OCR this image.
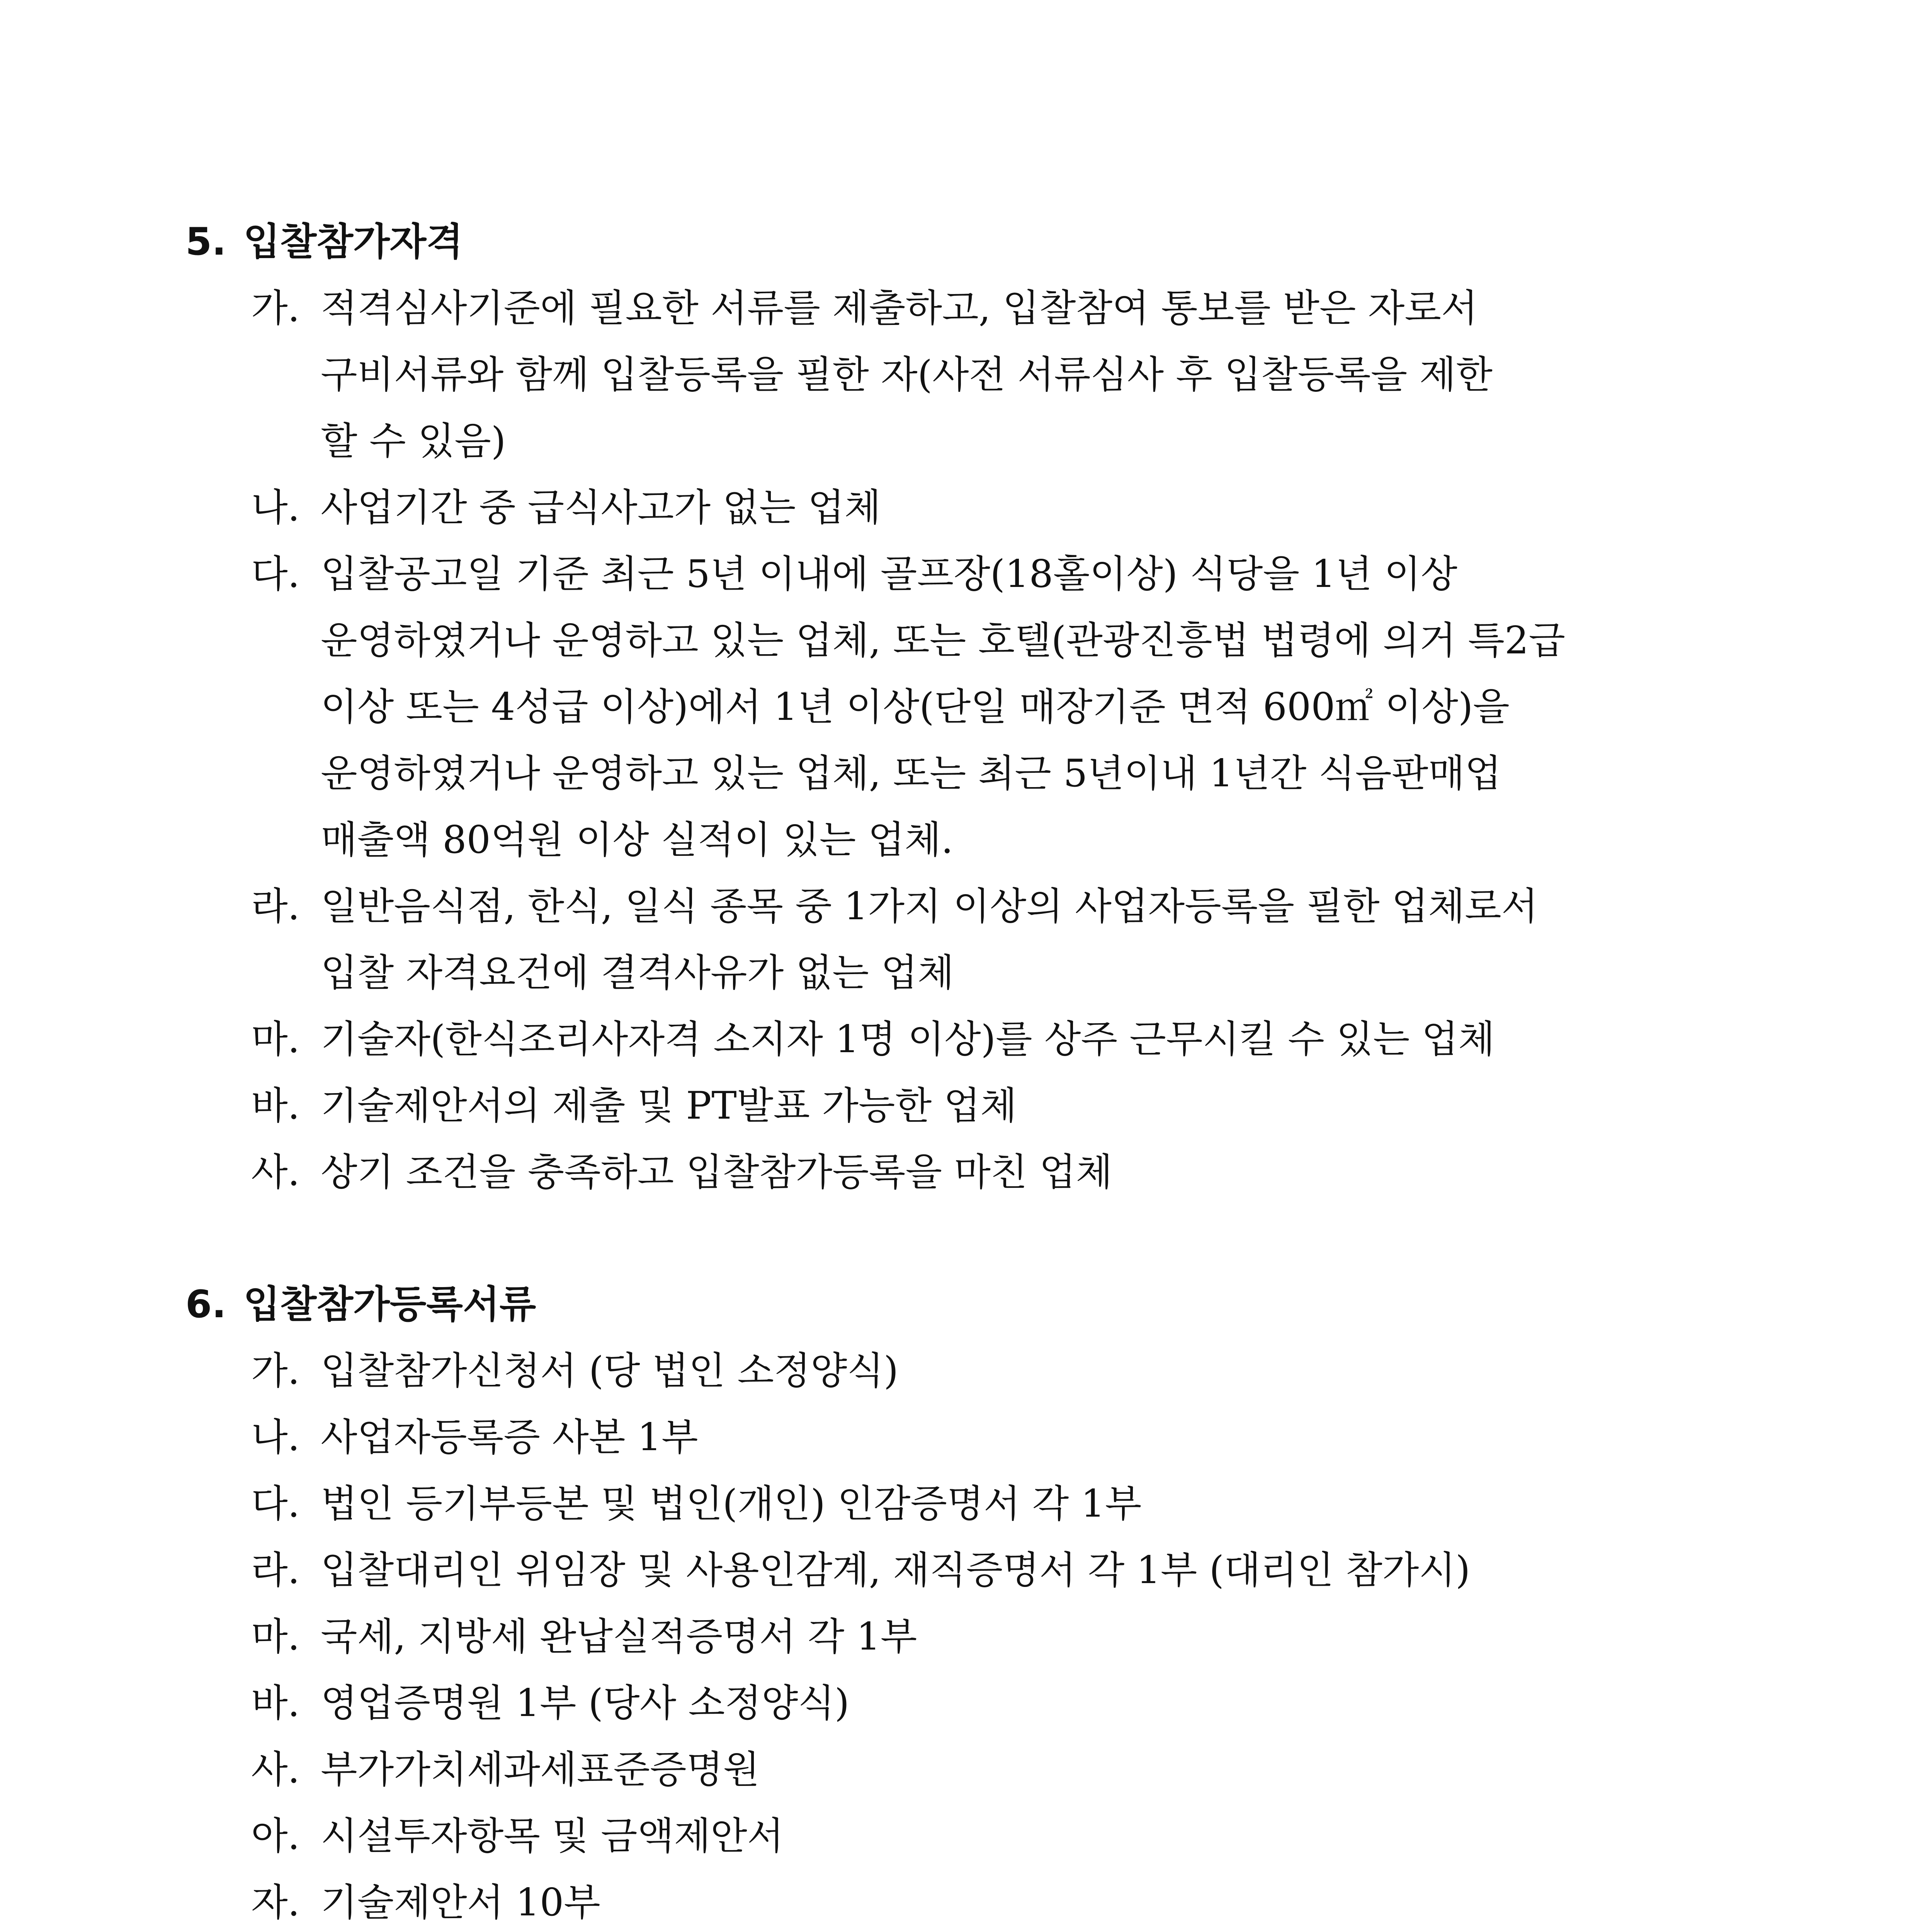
5. 입찰참가자격
가. 적격심사기준에 필요한 서류를 제출하고, 입찰참여 통보를 받은 자로서
구비서류와 함께 입찰등록을 필한 자(사전 서류심사 후 입찰등록을 제한
할 수 있음)
나. 사업기간 중 급식사고가 없는 업체
다. 입찰공고일 기준 최근 5년 이내에 골프장(18홀이상) 식당을 1년 이상
운영하였거나 운영하고 있는 업체, 또는 호텔(관광진흥법 법령에 의거 특2급
이상 또는 4성급 이상)에서 1년 이상(단일 매장기준 면적 600㎡ 이상)을
운영하였거나 운영하고 있는 업체, 또는 최근 5년이내 1년간 식음판매업
매출액 80억원 이상 실적이 있는 업체.
라. 일반음식점, 한식, 일식 종목 중 1가지 이상의 사업자등록을 필한 업체로서
입찰 자격요건에 결격사유가 없는 업체
마. 기술자(한식조리사자격 소지자 1명 이상)를 상주 근무시킬 수 있는 업체
바. 기술제안서의 제출 및 PT발표 가능한 업체
사. 상기 조건을 충족하고 입찰참가등록을 마친 업체
6. 입찰참가등록서류
가. 입찰참가신청서 (당 법인 소정양식)
나. 사업자등록증 사본 1부
다. 법인 등기부등본 및 법인(개인) 인감증명서 각 1부
라. 입찰대리인 위임장 및 사용인감계, 재직증명서 각 1부 (대리인 참가시)
마. 국세, 지방세 완납실적증명서 각 1부
바. 영업증명원 1부 (당사 소정양식)
사. 부가가치세과세표준증명원
아. 시설투자항목 및 금액제안서
자. 기술제안서 10부
